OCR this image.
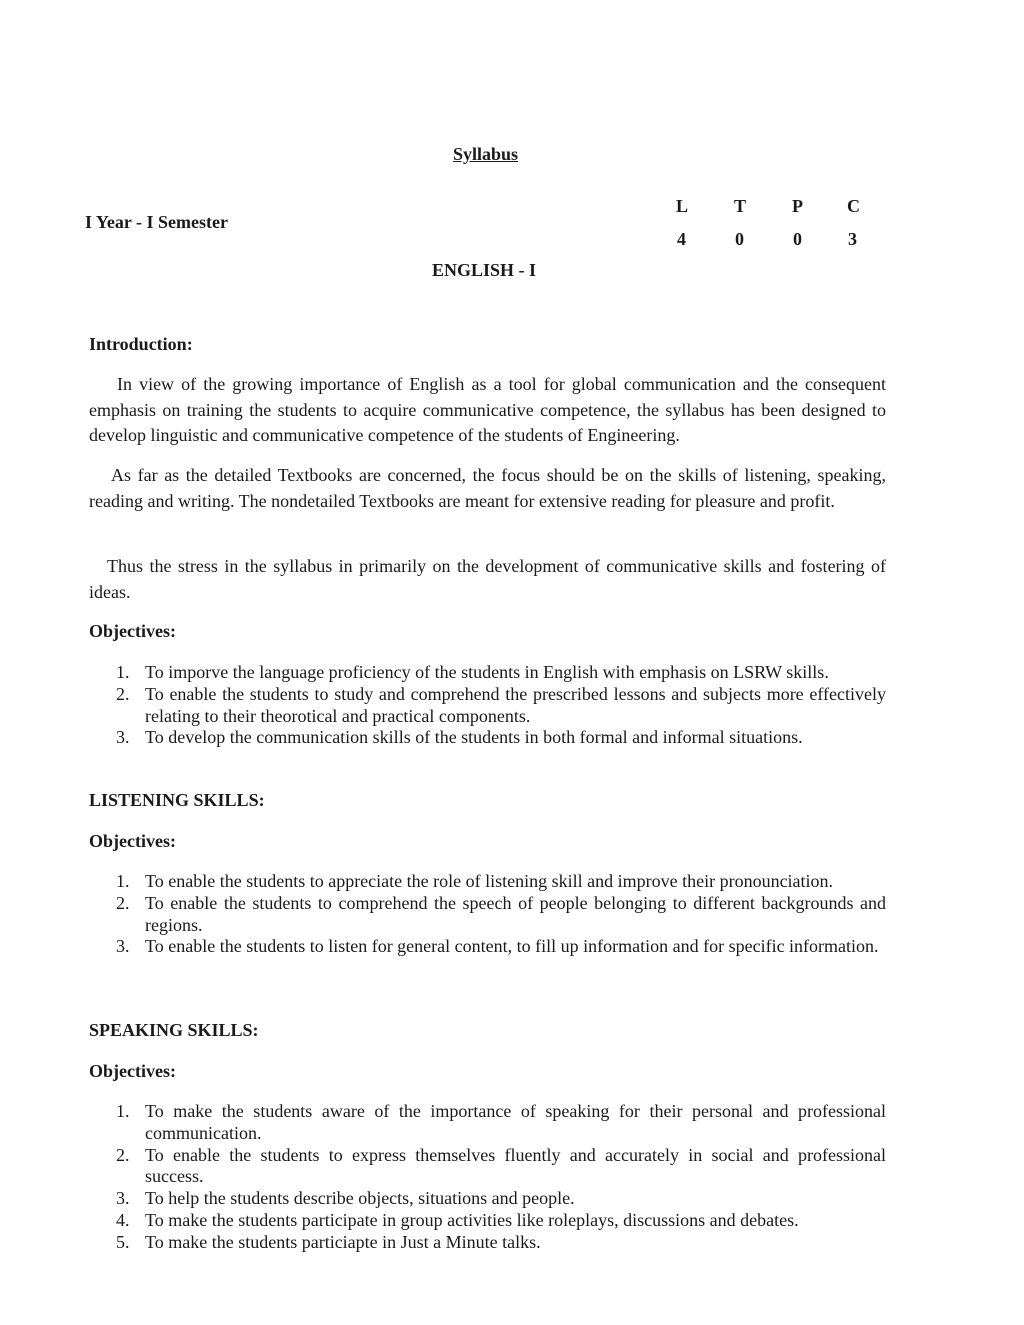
Syllabus
I Year - I Semester
L	T	P C
4	0	0	3
ENGLISH - I
Introduction:

In view of the growing importance of English as a tool for global communication and the consequent emphasis on training the students to acquire communicative competence, the syllabus has been designed to develop linguistic and communicative competence of the students of Engineering.

As far as the detailed Textbooks are concerned, the focus should be on the skills of listening, speaking, reading and writing. The nondetailed Textbooks are meant for extensive reading for pleasure and profit.

Thus the stress in the syllabus in primarily on the development of communicative skills and fostering of ideas.

Objectives:
1. To imporve the language proficiency of the students in English with emphasis on LSRW skills.
2. To enable the students to study and comprehend the prescribed lessons and subjects more effectively relating to their theorotical and practical components.
3. To develop the communication skills of the students in both formal and informal situations.
LISTENING SKILLS:
Objectives:
1. To enable the students to appreciate the role of listening skill and improve their pronounciation.
2. To enable the students to comprehend the speech of people belonging to different backgrounds and regions.
3. To enable the students to listen for general content, to fill up information and for specific information.
SPEAKING SKILLS:
Objectives:
1. To make the students aware of the importance of speaking for their personal and professional communication.
2. To enable the students to express themselves fluently and accurately in social and professional success.
3. To help the students describe objects, situations and people.
4. To make the students participate in group activities like roleplays, discussions and debates.
5. To make the students particiapte in Just a Minute talks.
